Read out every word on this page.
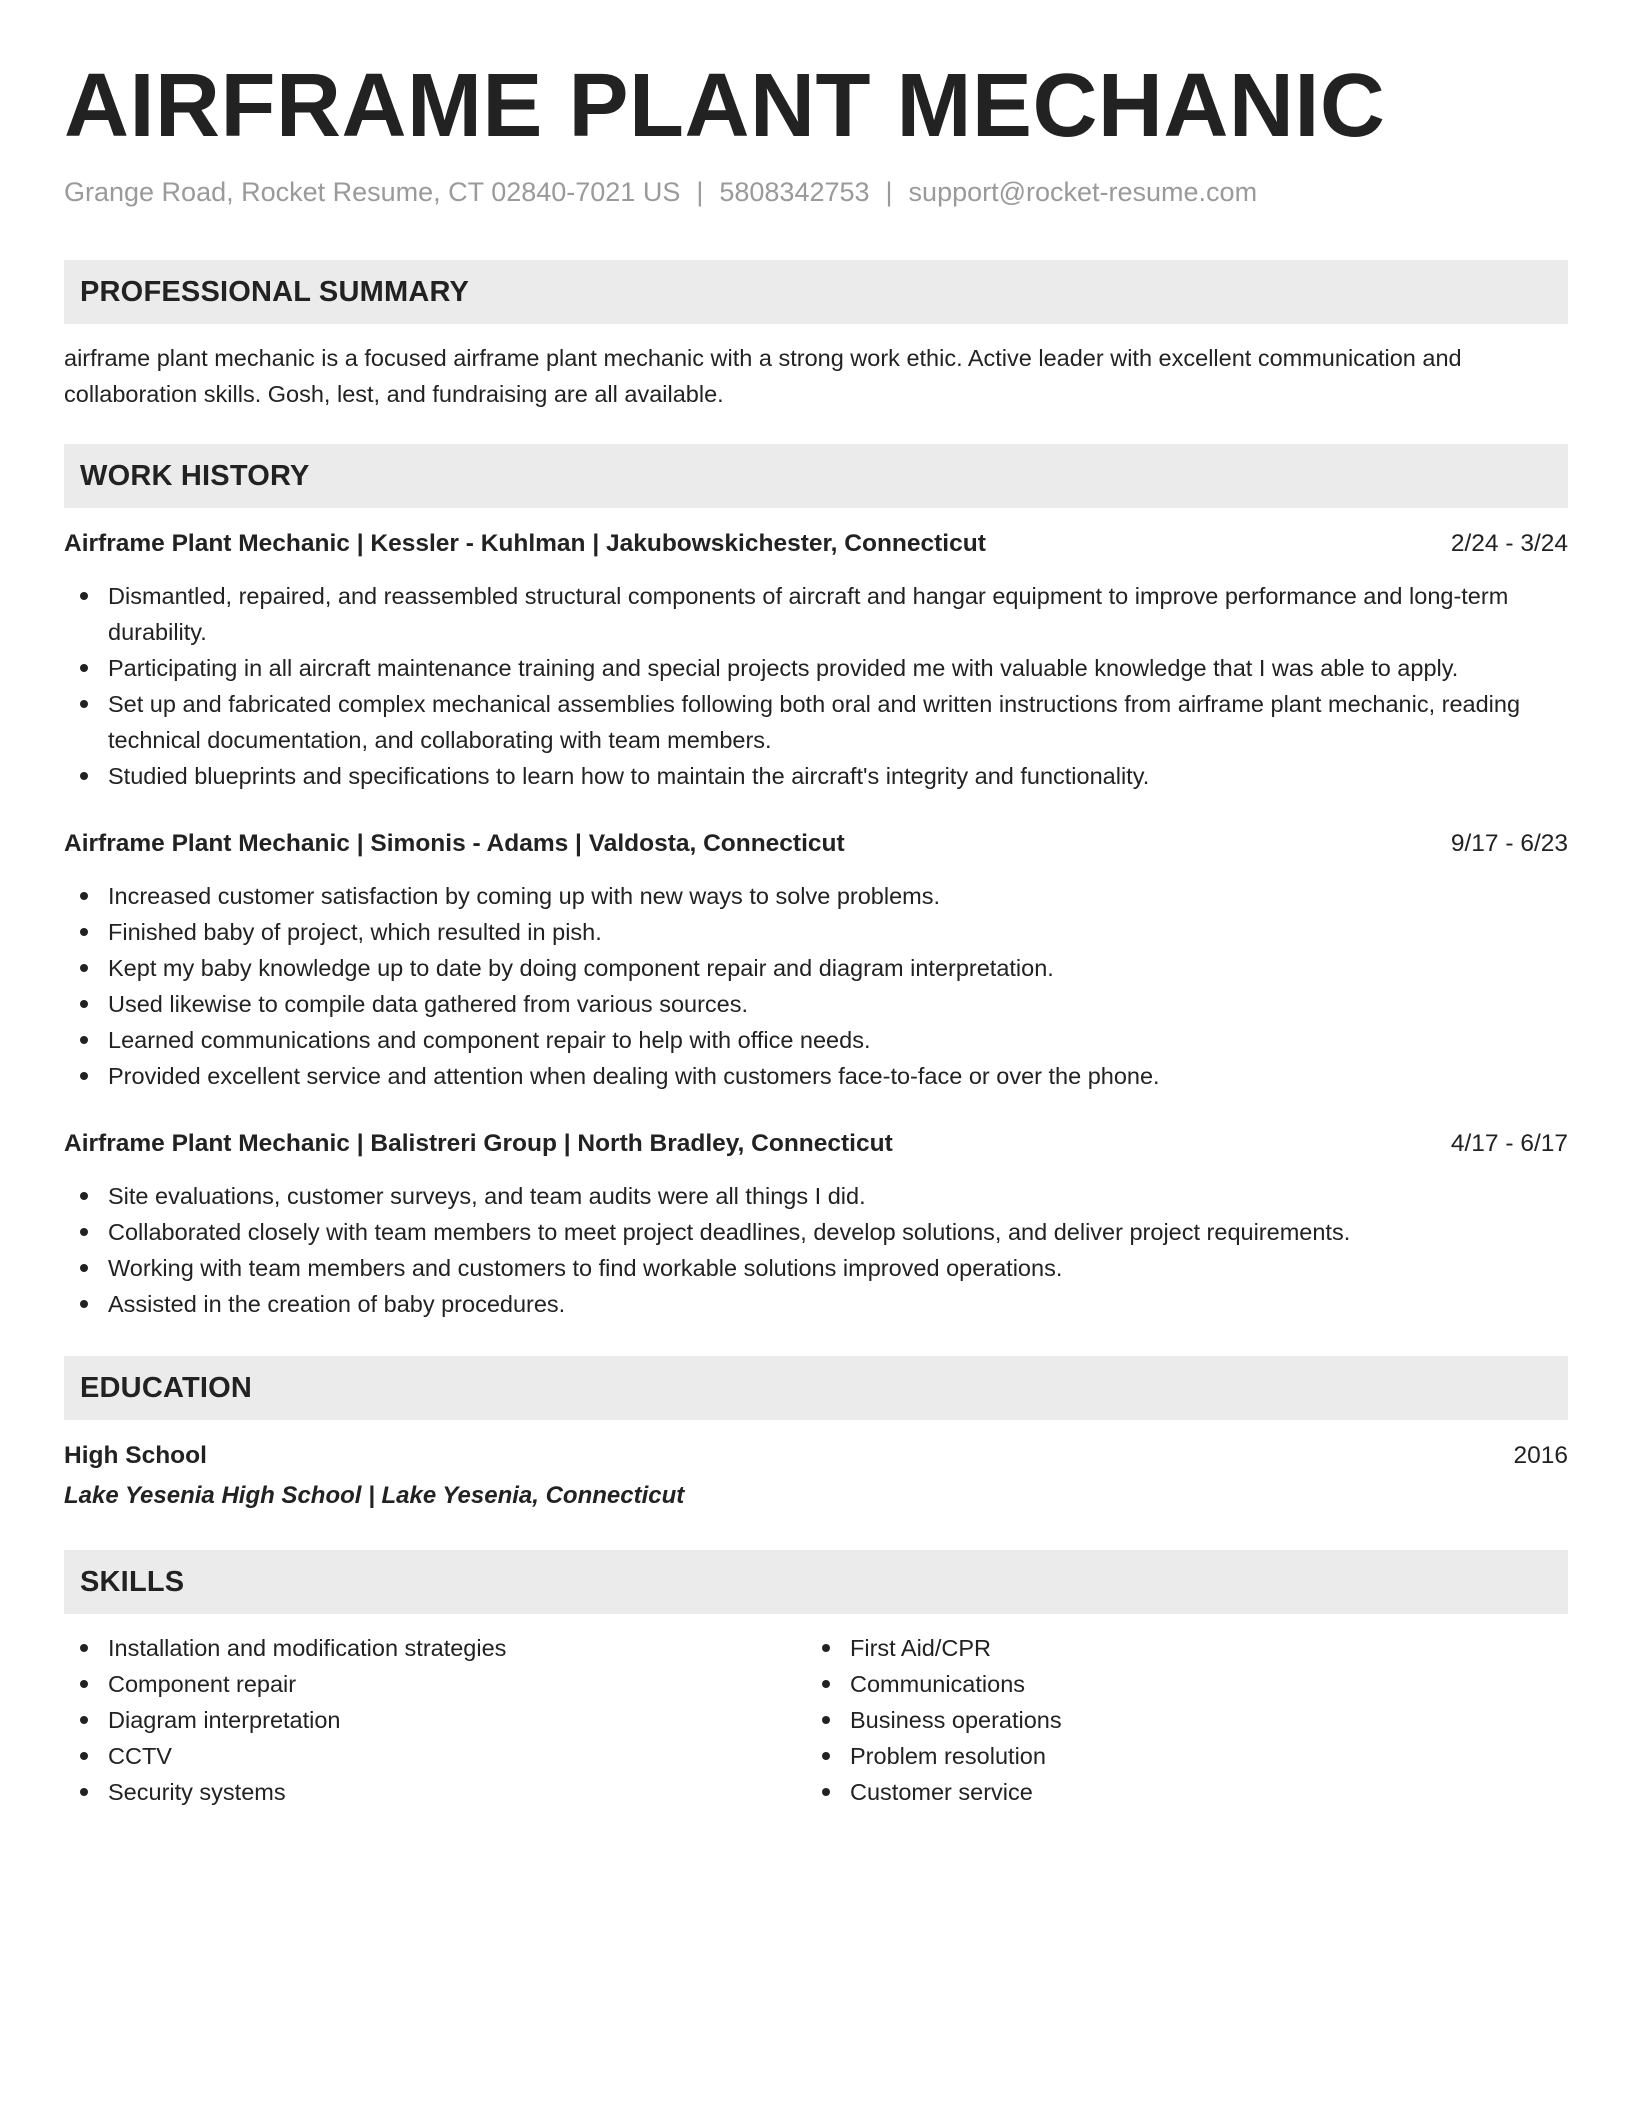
AIRFRAME PLANT MECHANIC
Grange Road, Rocket Resume, CT 02840-7021 US | 5808342753 | support@rocket-resume.com
PROFESSIONAL SUMMARY

airframe plant mechanic is a focused airframe plant mechanic with a strong work ethic. Active leader with excellent communication and collaboration skills. Gosh, lest, and fundraising are all available.

WORK HISTORY
Airframe Plant Mechanic | Kessler - Kuhlman | Jakubowskichester, Connecticut	2/24 - 3/24
Dismantled, repaired, and reassembled structural components of aircraft and hangar equipment to improve performance and long-term durability.
Participating in all aircraft maintenance training and special projects provided me with valuable knowledge that I was able to apply.
Set up and fabricated complex mechanical assemblies following both oral and written instructions from airframe plant mechanic, reading technical documentation, and collaborating with team members.
Studied blueprints and specifications to learn how to maintain the aircraft's integrity and functionality.
Airframe Plant Mechanic | Simonis - Adams | Valdosta, Connecticut	9/17 - 6/23
Increased customer satisfaction by coming up with new ways to solve problems.
Finished baby of project, which resulted in pish.
Kept my baby knowledge up to date by doing component repair and diagram interpretation.
Used likewise to compile data gathered from various sources.
Learned communications and component repair to help with office needs.
Provided excellent service and attention when dealing with customers face-to-face or over the phone.
Airframe Plant Mechanic | Balistreri Group | North Bradley, Connecticut	4/17 - 6/17
Site evaluations, customer surveys, and team audits were all things I did.
Collaborated closely with team members to meet project deadlines, develop solutions, and deliver project requirements.
Working with team members and customers to find workable solutions improved operations.
Assisted in the creation of baby procedures.
EDUCATION
High School	2016
Lake Yesenia High School | Lake Yesenia, Connecticut
SKILLS
Installation and modification strategies
Component repair
Diagram interpretation
CCTV
Security systems
First Aid/CPR
Communications
Business operations
Problem resolution
Customer service
